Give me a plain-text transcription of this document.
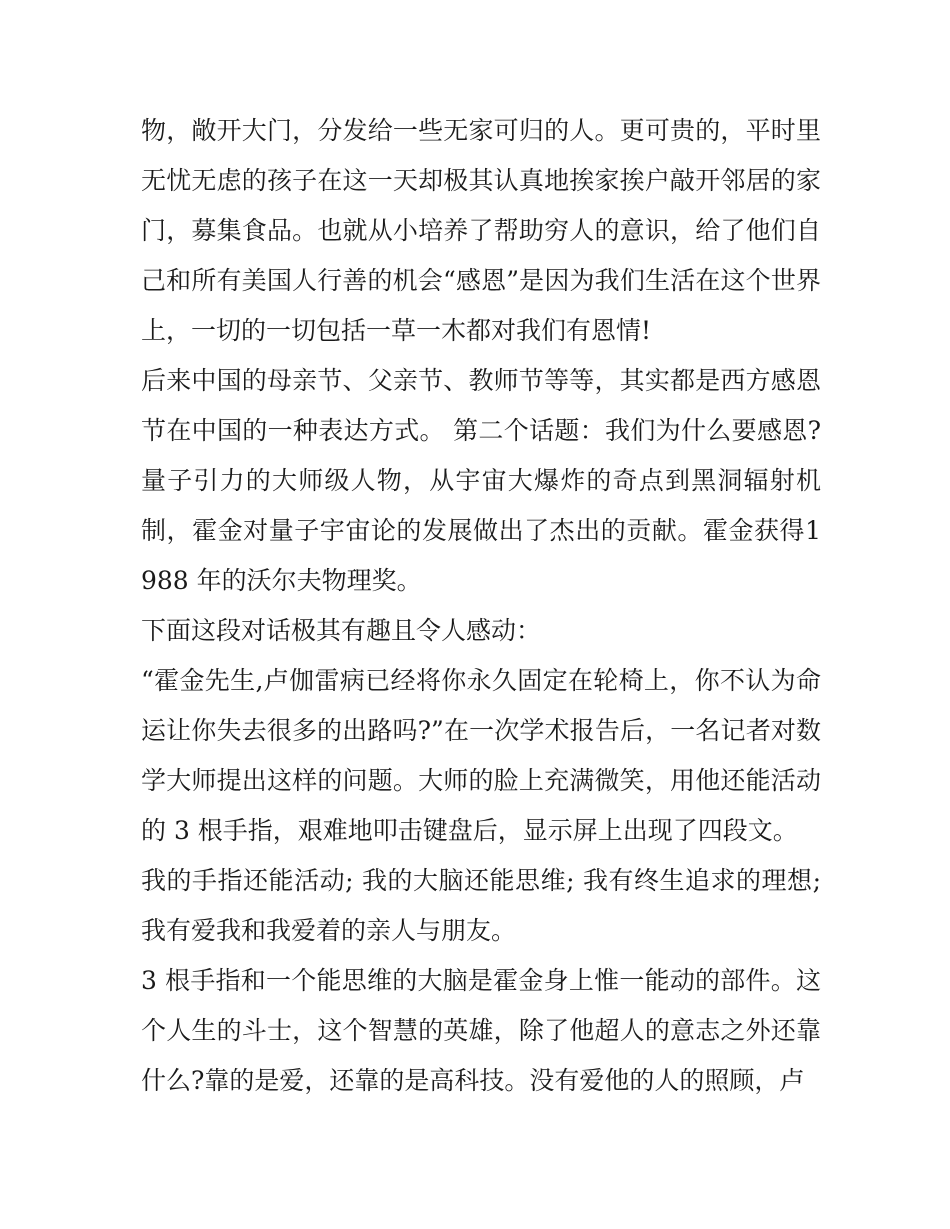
物，敞开大门，分发给一些无家可归的人。更可贵的，平时里无忧无虑的孩子在这一天却极其认真地挨家挨户敲开邻居的家门，募集食品。也就从小培养了帮助穷人的意识，给了他们自己和所有美国人行善的机会“感恩”是因为我们生活在这个世界上，一切的一切包括一草一木都对我们有恩情!

后来中国的母亲节、父亲节、教师节等等，其实都是西方感恩节在中国的一种表达方式。 第二个话题：我们为什么要感恩?量子引力的大师级人物，从宇宙大爆炸的奇点到黑洞辐射机制，霍金对量子宇宙论的发展做出了杰出的贡献。霍金获得1988 年的沃尔夫物理奖。

下面这段对话极其有趣且令人感动：

“霍金先生,卢伽雷病已经将你永久固定在轮椅上，你不认为命运让你失去很多的出路吗?”在一次学术报告后，一名记者对数学大师提出这样的问题。大师的脸上充满微笑，用他还能活动的 3 根手指，艰难地叩击键盘后，显示屏上出现了四段文。

我的手指还能活动; 我的大脑还能思维; 我有终生追求的理想;我有爱我和我爱着的亲人与朋友。

3 根手指和一个能思维的大脑是霍金身上惟一能动的部件。这个人生的斗士，这个智慧的英雄，除了他超人的意志之外还靠什么?靠的是爱，还靠的是高科技。没有爱他的人的照顾，卢
